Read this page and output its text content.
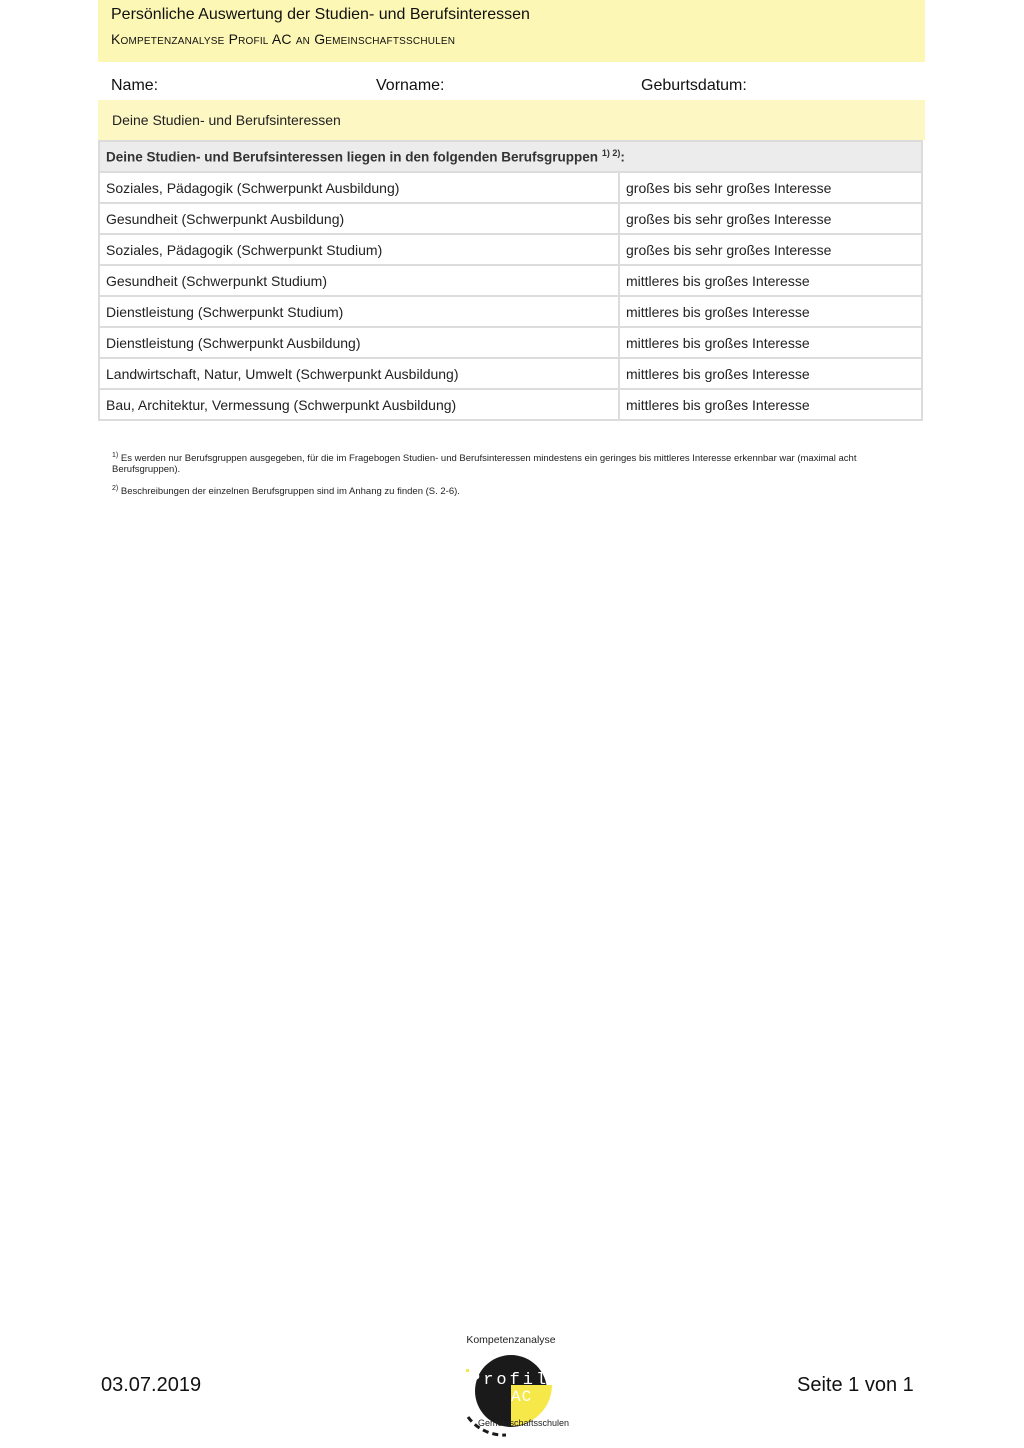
Persönliche Auswertung der Studien- und Berufsinteressen
Kompetenzanalyse Profil AC an Gemeinschaftsschulen
Name:	Vorname:	Geburtsdatum:
Deine Studien- und Berufsinteressen
Deine Studien- und Berufsinteressen liegen in den folgenden Berufsgruppen $^{1) 2)}$:	
Soziales, Pädagogik (Schwerpunkt Ausbildung)	großes bis sehr großes Interesse
Gesundheit (Schwerpunkt Ausbildung)	großes bis sehr großes Interesse
Soziales, Pädagogik (Schwerpunkt Studium)	großes bis sehr großes Interesse
Gesundheit (Schwerpunkt Studium)	mittleres bis großes Interesse
Dienstleistung (Schwerpunkt Studium)	mittleres bis großes Interesse
Dienstleistung (Schwerpunkt Ausbildung)	mittleres bis großes Interesse
Landwirtschaft, Natur, Umwelt (Schwerpunkt Ausbildung)	mittleres bis großes Interesse
Bau, Architektur, Vermessung (Schwerpunkt Ausbildung)	mittleres bis großes Interesse

$^{1)}$ Es werden nur Berufsgruppen ausgegeben, für die im Fragebogen Studien- und Berufsinteressen mindestens ein geringes bis mittleres Interesse erkennbar war (maximal acht Berufsgruppen).

$^{2)}$ Beschreibungen der einzelnen Berufsgruppen sind im Anhang zu finden (S. 2-6).

03.07.2019	Seite 1 von 1
Kompetenzanalyse
Profil
AC
Gemeinschaftsschulen
